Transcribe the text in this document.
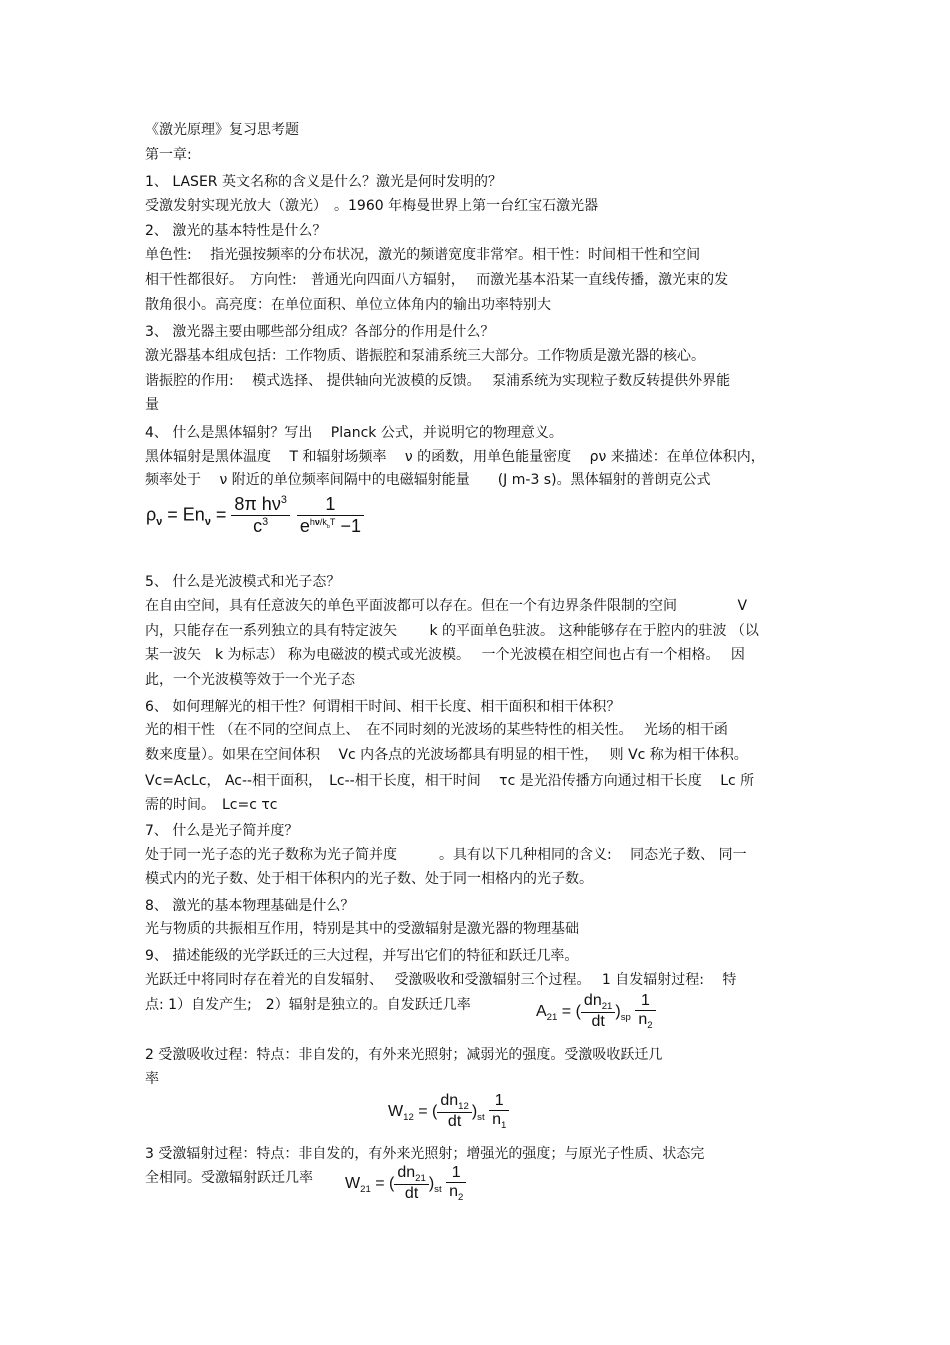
《激光原理》复习思考题
第一章:
1、 LASER 英文名称的含义是什么？激光是何时发明的？
受激发射实现光放大（激光）　。1960 年梅曼世界上第一台红宝石激光器
2、 激光的基本特性是什么？
单色性:　 指光强按频率的分布状况，激光的频谱宽度非常窄。相干性：时间相干性和空间
相干性都很好。　方向性:　普通光向四面八方辐射，　 而激光基本沿某一直线传播，激光束的发
散角很小。高亮度：在单位面积、单位立体角内的输出功率特别大
3、 激光器主要由哪些部分组成？各部分的作用是什么？
激光器基本组成包括：工作物质、谐振腔和泵浦系统三大部分。工作物质是激光器的核心。
谐振腔的作用:　 模式选择、 提供轴向光波模的反馈。　 泵浦系统为实现粒子数反转提供外界能
量
4、 什么是黑体辐射？写出　 Planck 公式，并说明它的物理意义。
黑体辐射是黑体温度　 T 和辐射场频率　 ν 的函数，用单色能量密度　 ρν 来描述：在单位体积内，
频率处于　 ν 附近的单位频率间隔中的电磁辐射能量　　(J m-3 s)。黑体辐射的普朗克公式
5、 什么是光波模式和光子态？
在自由空间，具有任意波矢的单色平面波都可以存在。但在一个有边界条件限制的空间　　　　 V
内，只能存在一系列独立的具有特定波矢　　 k 的平面单色驻波。 这种能够存在于腔内的驻波 （以
某一波矢　k 为标志） 称为电磁波的模式或光波模。　 一个光波模在相空间也占有一个相格。　 因
此，一个光波模等效于一个光子态
6、 如何理解光的相干性？何谓相干时间、相干长度、相干面积和相干体积？
光的相干性 （在不同的空间点上、　在不同时刻的光波场的某些特性的相关性。　 光场的相干函
数来度量）。如果在空间体积　 Vc 内各点的光波场都具有明显的相干性，　 则 Vc 称为相干体积。
Vc=AcLc， Ac--相干面积，　Lc--相干长度，相干时间　 τc 是光沿传播方向通过相干长度　 Lc 所
需的时间。　Lc=c τc
7、 什么是光子简并度？
处于同一光子态的光子数称为光子简并度　　　。具有以下几种相同的含义:　 同态光子数、 同一
模式内的光子数、处于相干体积内的光子数、处于同一相格内的光子数。
8、 激光的基本物理基础是什么？
光与物质的共振相互作用，特别是其中的受激辐射是激光器的物理基础
9、 描述能级的光学跃迁的三大过程，并写出它们的特征和跃迁几率。
光跃迁中将同时存在着光的自发辐射、　 受激吸收和受激辐射三个过程。　 1 自发辐射过程:　 特
点: 1）自发产生;　2）辐射是独立的。自发跃迁几率
2 受激吸收过程：特点：非自发的，有外来光照射；减弱光的强度。受激吸收跃迁几
率
3 受激辐射过程：特点：非自发的，有外来光照射；增强光的强度；与原光子性质、状态完
全相同。受激辐射跃迁几率
$\rho_\nu = En_\nu = \frac{8\pi h\nu^3}{c^3}$
$\frac{1}{e^{h\nu/k_bT} -1}$
$A_{21}$ = ( $\frac{dn_{21}}{dt} )_{sp} \frac{1}{n_2}$
$W_{12}$ = ( $\frac{dn_{12}}{dt} )_{st} \frac{1}{n_1}$
$W_{21}$ = ( $\frac{dn_{21}}{dt} )_{st} \frac{1}{n_2}$
